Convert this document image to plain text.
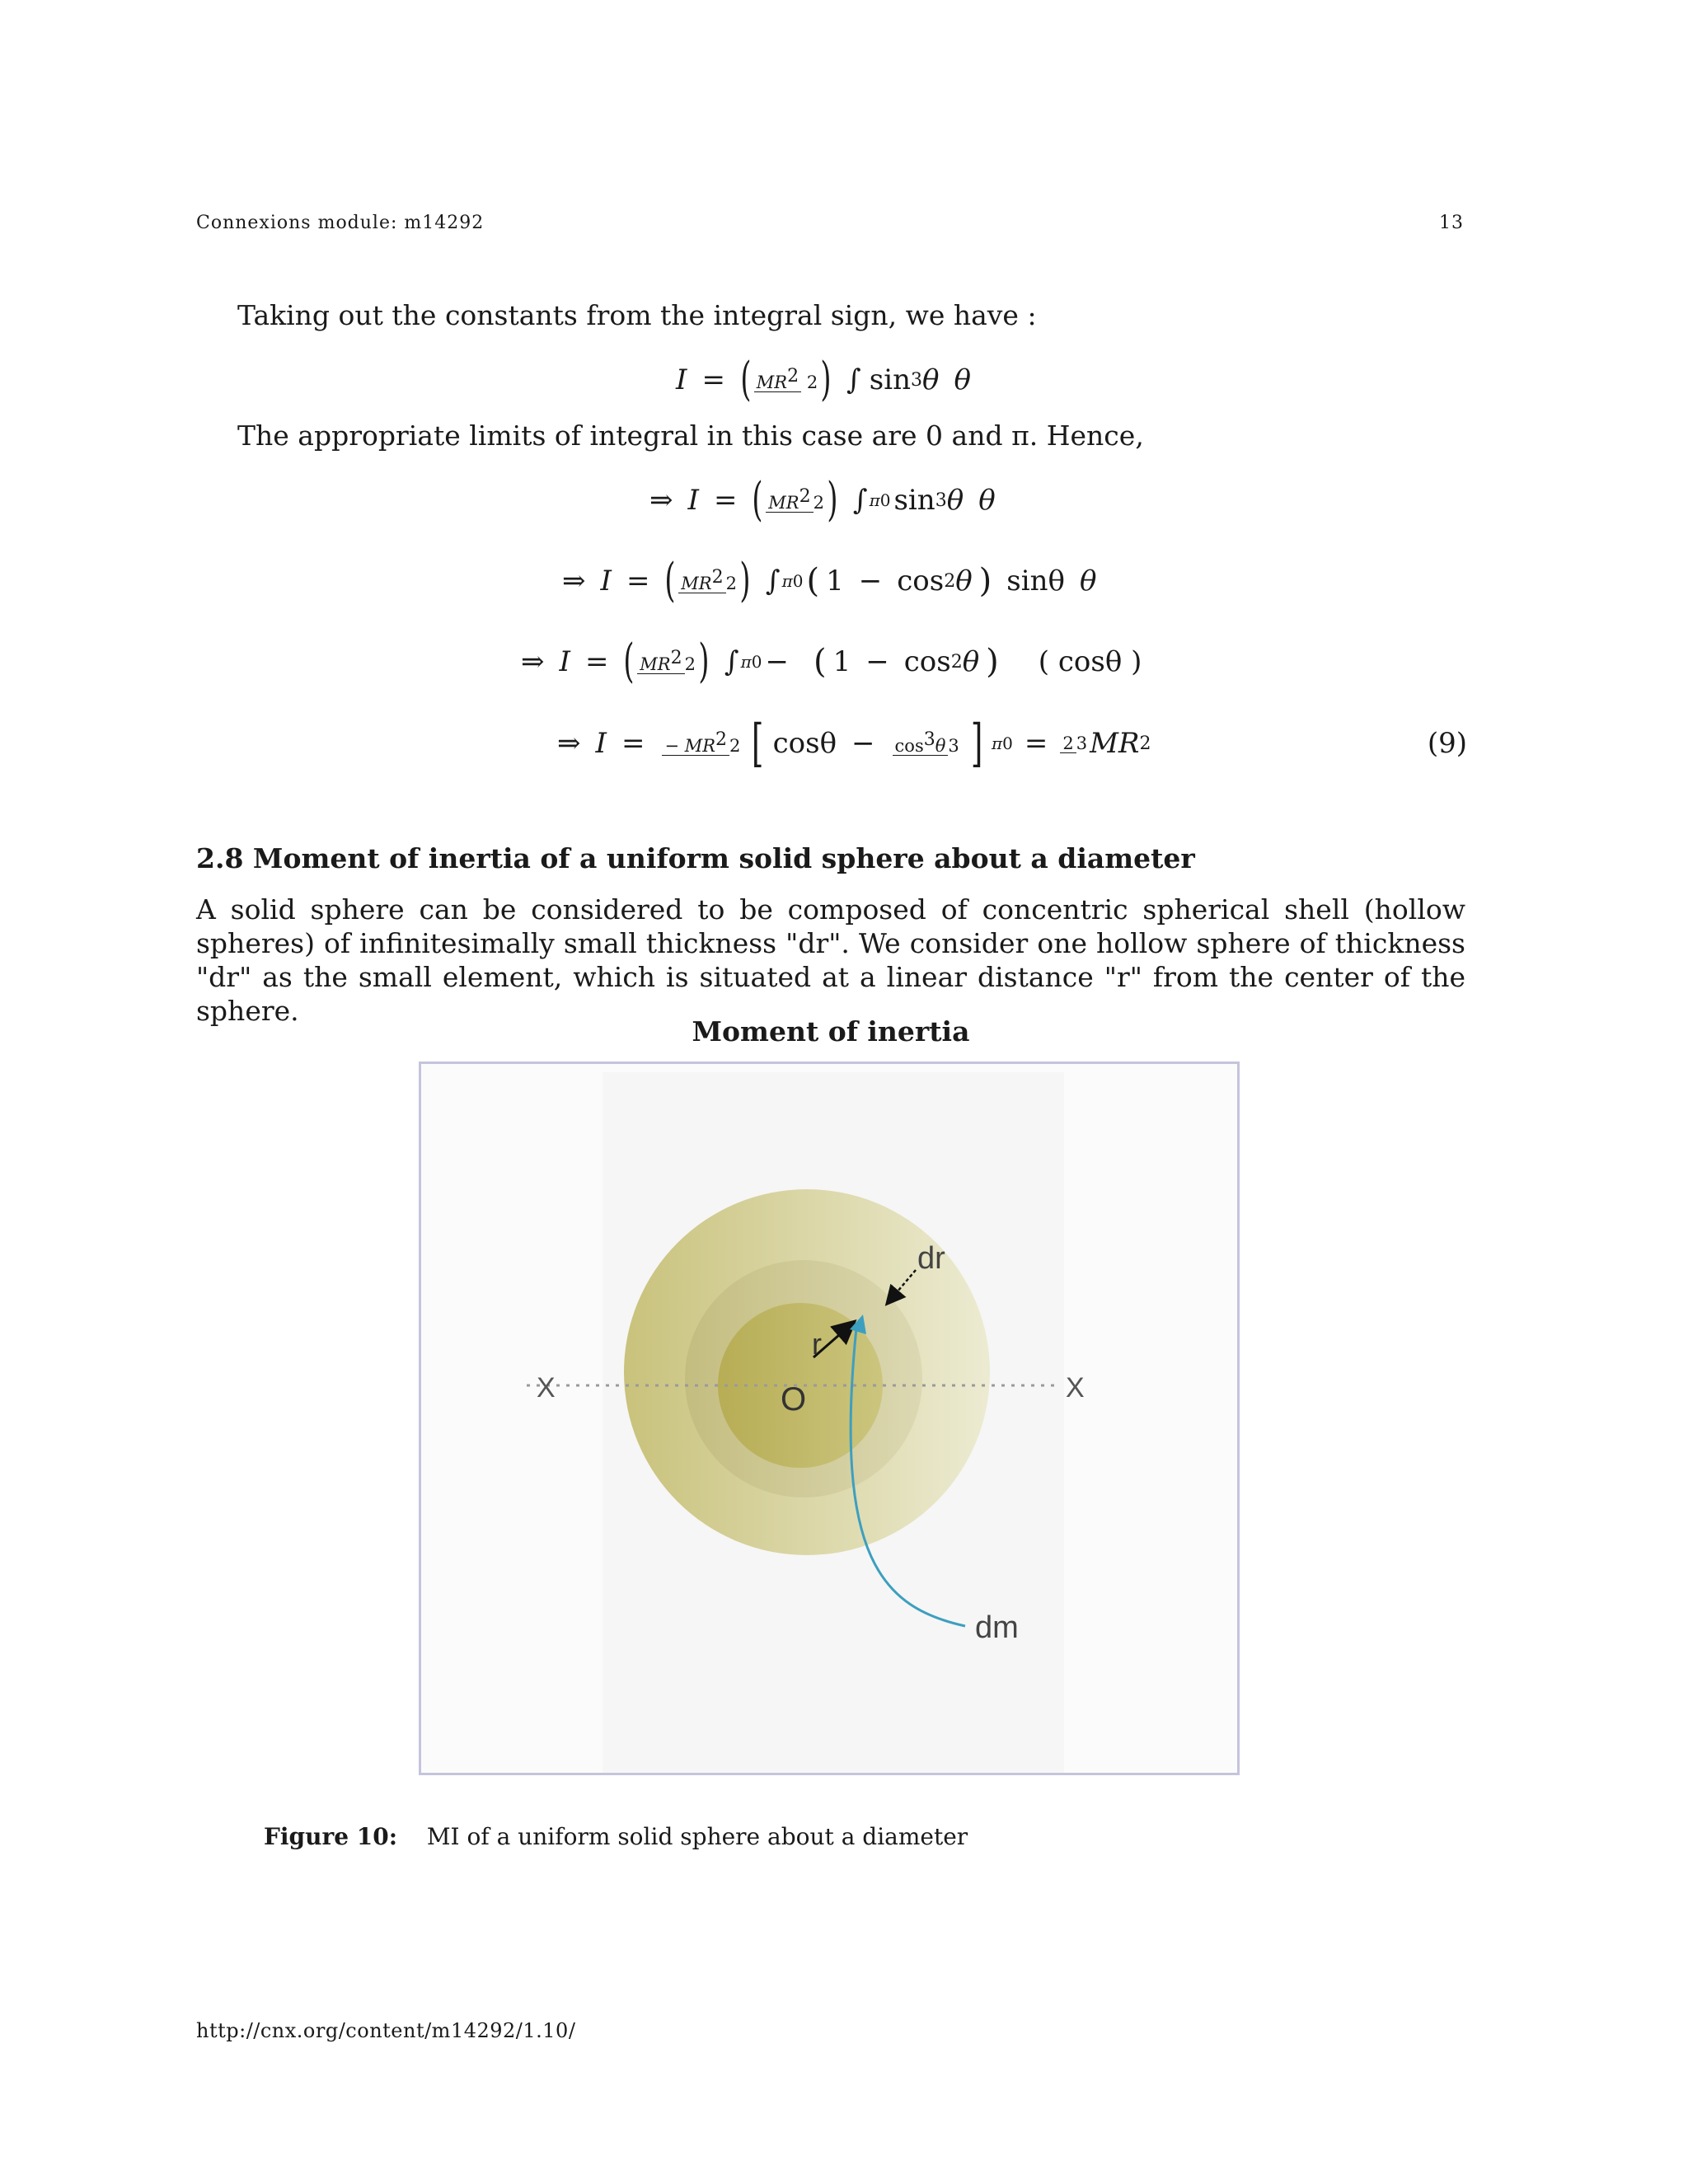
Connexions module: m14292	13
Taking out the constants from the integral sign, we have :
I = ( $MR^2$ 2 ) ∫ sin 3 θ θ
The appropriate limits of integral in this case are 0 and π. Hence,
⇒ I = ( $MR^2$ 2 ) ∫ π0 sin 3 θ θ
⇒ I = ( $MR^2$ 2 ) ∫ π0 ( 1 − cos 2 θ ) sinθ θ
⇒ I = ( $MR^2$ 2 ) ∫ π0 − ( 1 − cos 2 θ ) ( cosθ )
⇒ I = − $MR^2$ 2 [ $\cos\theta - \cos^3\theta$ 3 ] π0 = 2 3 MR 2	(9)
2.8 Moment of inertia of a uniform solid sphere about a diameter
A solid sphere can be considered to be composed of concentric spherical shell (hollow spheres) of infinitesimally small thickness "dr". We consider one hollow sphere of thickness "dr" as the small element, which is situated at a linear distance "r" from the center of the sphere.
Moment of inertia
X	X
O
r
dr
dm
Figure 10: MI of a uniform solid sphere about a diameter
http://cnx.org/content/m14292/1.10/
